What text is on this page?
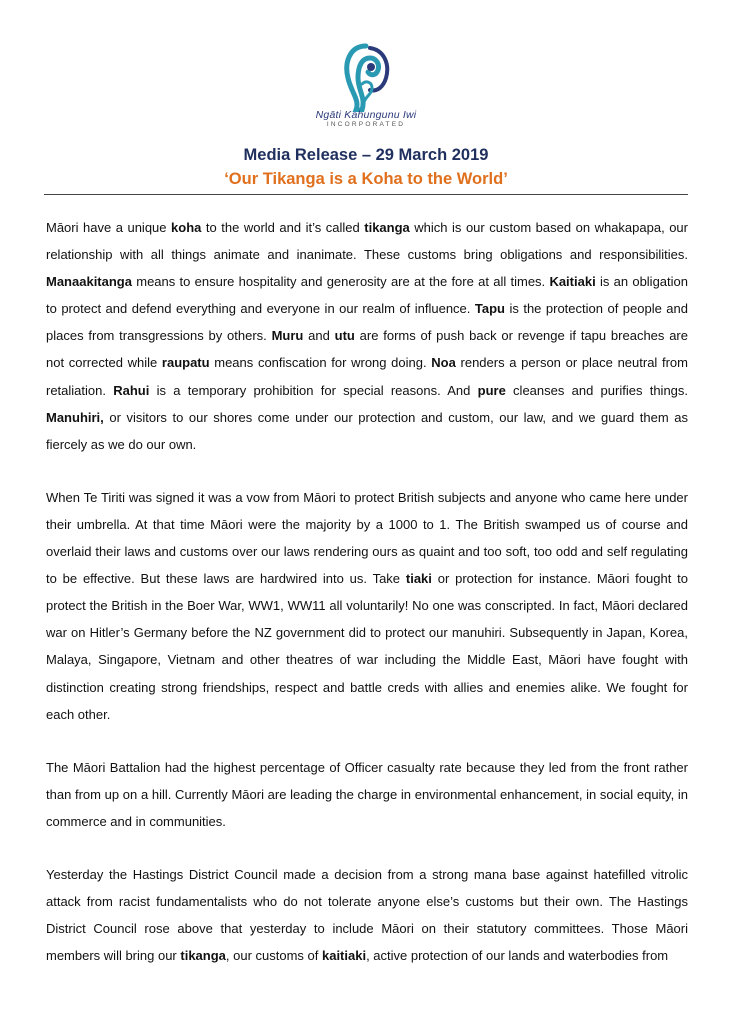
Ngāti Kahungunu Iwi
INCORPORATED
Media Release – 29 March 2019
‘Our Tikanga is a Koha to the World’

Māori have a unique koha to the world and it’s called tikanga which is our custom based on whakapapa, our relationship with all things animate and inanimate. These customs bring obligations and responsibilities. Manaakitanga means to ensure hospitality and generosity are at the fore at all times. Kaitiaki is an obligation to protect and defend everything and everyone in our realm of influence. Tapu is the protection of people and places from transgressions by others. Muru and utu are forms of push back or revenge if tapu breaches are not corrected while raupatu means confiscation for wrong doing. Noa renders a person or place neutral from retaliation. Rahui is a temporary prohibition for special reasons. And pure cleanses and purifies things. Manuhiri, or visitors to our shores come under our protection and custom, our law, and we guard them as fiercely as we do our own.

When Te Tiriti was signed it was a vow from Māori to protect British subjects and anyone who came here under their umbrella. At that time Māori were the majority by a 1000 to 1. The British swamped us of course and overlaid their laws and customs over our laws rendering ours as quaint and too soft, too odd and self regulating to be effective. But these laws are hardwired into us. Take tiaki or protection for instance. Māori fought to protect the British in the Boer War, WW1, WW11 all voluntarily! No one was conscripted. In fact, Māori declared war on Hitler’s Germany before the NZ government did to protect our manuhiri. Subsequently in Japan, Korea, Malaya, Singapore, Vietnam and other theatres of war including the Middle East, Māori have fought with distinction creating strong friendships, respect and battle creds with allies and enemies alike. We fought for each other.

The Māori Battalion had the highest percentage of Officer casualty rate because they led from the front rather than from up on a hill. Currently Māori are leading the charge in environmental enhancement, in social equity, in commerce and in communities.

Yesterday the Hastings District Council made a decision from a strong mana base against hatefilled vitrolic attack from racist fundamentalists who do not tolerate anyone else’s customs but their own. The Hastings District Council rose above that yesterday to include Māori on their statutory committees. Those Māori members will bring our tikanga, our customs of kaitiaki, active protection of our lands and waterbodies from
